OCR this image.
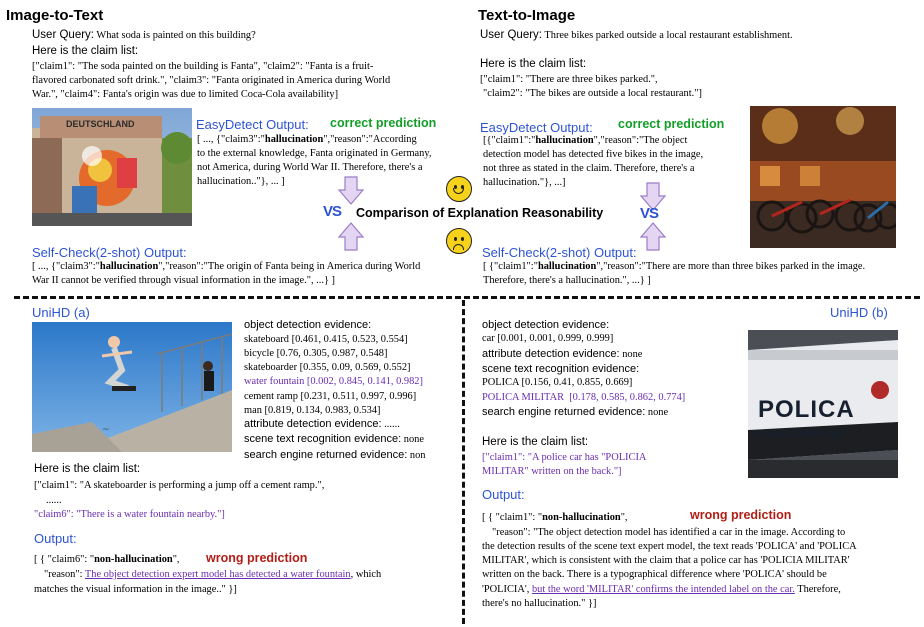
Image-to-Text
User Query: What soda is painted on this building?
Here is the claim list:
["claim1": "The soda painted on the building is Fanta", "claim2": "Fanta is a fruit-
flavored carbonated soft drink.", "claim3": "Fanta originated in America during World
War.", "claim4": Fanta's origin was due to limited Coca-Cola availability]
DEUTSCHLAND	EasyDetect Output: correct prediction
[ ..., {"claim3":"hallucination","reason":"According
to the external knowledge, Fanta originated in Germany,
not America, during World War II. Therefore, there's a
hallucination.."}, ... ]
Self-Check(2-shot) Output:
[ ..., {"claim3":"hallucination","reason":"The origin of Fanta being in America during World
War II cannot be verified through visual information in the image.", ...} ]
VS	VS
Comparison of Explanation Reasonability
Text-to-Image
User Query: Three bikes parked outside a local restaurant establishment.
Here is the claim list:
["claim1": "There are three bikes parked.",
"claim2": "The bikes are outside a local restaurant."]
EasyDetect Output: correct prediction
[{"claim1":"hallucination","reason":"The object
detection model has detected five bikes in the image,
not three as stated in the claim. Therefore, there's a
hallucination."}, ...]
Self-Check(2-shot) Output:
[ {"claim1":"hallucination","reason":"There are more than three bikes parked in the image.
Therefore, there's a hallucination.", ...} ]
UniHD (a)
~
object detection evidence:
skateboard [0.461, 0.415, 0.523, 0.554]
bicycle [0.76, 0.305, 0.987, 0.548]
skateboarder [0.355, 0.09, 0.569, 0.552]
water fountain [0.002, 0.845, 0.141, 0.982]
cement ramp [0.231, 0.511, 0.997, 0.996]
man [0.819, 0.134, 0.983, 0.534]
attribute detection evidence: ......
scene text recognition evidence: none
search engine returned evidence: non
Here is the claim list:
["claim1": "A skateboarder is performing a jump off a cement ramp.",
......
"claim6": "There is a water fountain nearby."]
Output:
[ { "claim6": "non-hallucination", wrong prediction
"reason": The object detection expert model has detected a water fountain, which
matches the visual information in the image.." }]
UniHD (b)
object detection evidence:
car [0.001, 0.001, 0.999, 0.999]
attribute detection evidence: none
scene text recognition evidence:
POLICA [0.156, 0.41, 0.855, 0.669]
POLICA MILITAR  [0.178, 0.585, 0.862, 0.774]
search engine returned evidence: none	POLICA
POLICA MILITAR
Here is the claim list:
["claim1": "A police car has "POLICIA
MILITAR" written on the back."]
Output:
[ { "claim1": "non-hallucination",	wrong prediction
"reason": "The object detection model has identified a car in the image. According to
the detection results of the scene text expert model, the text reads 'POLICA' and 'POLICA
MILITAR', which is consistent with the claim that a police car has 'POLICIA MILITAR'
written on the back. There is a typographical difference where 'POLICA' should be
'POLICIA', but the word 'MILITAR' confirms the intended label on the car. Therefore,
there's no hallucination." }]
